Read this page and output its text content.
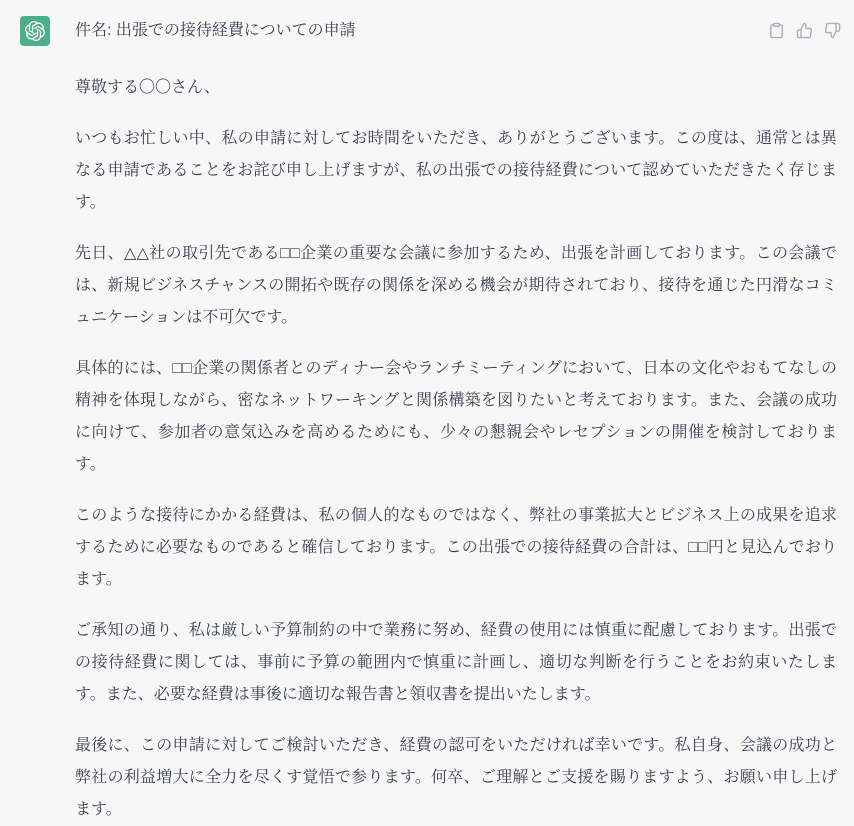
件名: 出張での接待経費についての申請

尊敬する〇〇さん、

いつもお忙しい中、私の申請に対してお時間をいただき、ありがとうございます。この度は、通常とは異なる申請であることをお詫び申し上げますが、私の出張での接待経費について認めていただきたく存じます。

先日、△△社の取引先である□□企業の重要な会議に参加するため、出張を計画しております。この会議では、新規ビジネスチャンスの開拓や既存の関係を深める機会が期待されており、接待を通じた円滑なコミュニケーションは不可欠です。

具体的には、□□企業の関係者とのディナー会やランチミーティングにおいて、日本の文化やおもてなしの精神を体現しながら、密なネットワーキングと関係構築を図りたいと考えております。また、会議の成功に向けて、参加者の意気込みを高めるためにも、少々の懇親会やレセプションの開催を検討しております。

このような接待にかかる経費は、私の個人的なものではなく、弊社の事業拡大とビジネス上の成果を追求するために必要なものであると確信しております。この出張での接待経費の合計は、□□円と見込んでおります。

ご承知の通り、私は厳しい予算制約の中で業務に努め、経費の使用には慎重に配慮しております。出張での接待経費に関しては、事前に予算の範囲内で慎重に計画し、適切な判断を行うことをお約束いたします。また、必要な経費は事後に適切な報告書と領収書を提出いたします。

最後に、この申請に対してご検討いただき、経費の認可をいただければ幸いです。私自身、会議の成功と弊社の利益増大に全力を尽くす覚悟で参ります。何卒、ご理解とご支援を賜りますよう、お願い申し上げます。
